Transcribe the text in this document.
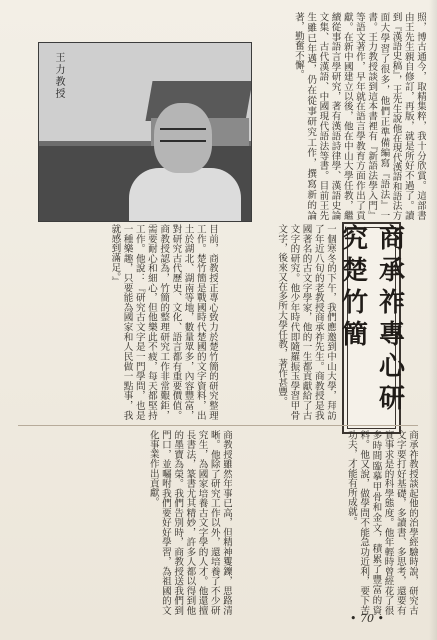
王力教授	照，博古通今，取精集粹，我十分欣賞。這部書由王先生親自修訂，再版，就是所好不過了。讀到『漢語史稿』，王先生說他在現代漢語和語法方面大學習了很多，他們正準備編寫『語法』一書。王力教授談到這本書裡有『新語法學入門』等語文著作，早年就在語言學教育方面作出了貢獻。在新中國建立以後，他在中山大學任教，繼續從事語言學研究，著有漢語詩律學、漢語史論文集、古代漢語、中國現代語法等書。目前王先生雖已年邁，仍在從事研究工作，撰寫新的論著，勤奮不懈。
商承祚專心研究楚竹簡
一個寒冬的下午，我們應邀到中山大學，拜訪了年近八旬的老教授商承祚先生。商教授是我國著名的古文字學家，他的一生都貢獻給了古文字的研究。他少年時代即隨羅振玉學習甲骨文字，後來又在多所大學任教，著作甚豐。
目前，商教授正專心致力於楚竹簡的研究整理工作。楚竹簡是戰國時代楚國的文字資料，出土於湖北、湖南等地，數量眾多，內容豐富，對研究古代歷史、文化、語言都有重要價值。商教授認為，竹簡的整理研究工作非常艱鉅，需要耐心和細心，但他樂此不疲，每天都堅持工作。他說：『研究古文字是一門學問，也是一種樂趣，只要能為國家和人民做一點事，我就感到滿足。』
商承祚教授談起他的治學經驗時說，研究古文字要打好基礎，多讀書、多思考，還要有實事求是的科學態度。他年輕時曾經花了很多時間臨摹甲骨和金文，積累了豐富的資料。他又說，做學問不能急功近利，要下苦功夫，才能有所成就。
商教授雖然年事已高，但精神矍鑠，思路清晰。他除了研究工作以外，還培養了不少研究生，為國家培養古文字學的人才。他還擅長書法，篆書尤其精妙，許多人都以得到他的墨寶為榮。我們告別時，商教授送我們到門口，並囑咐我們要好好學習，為祖國的文化事業作出貢獻。
• 70 •
